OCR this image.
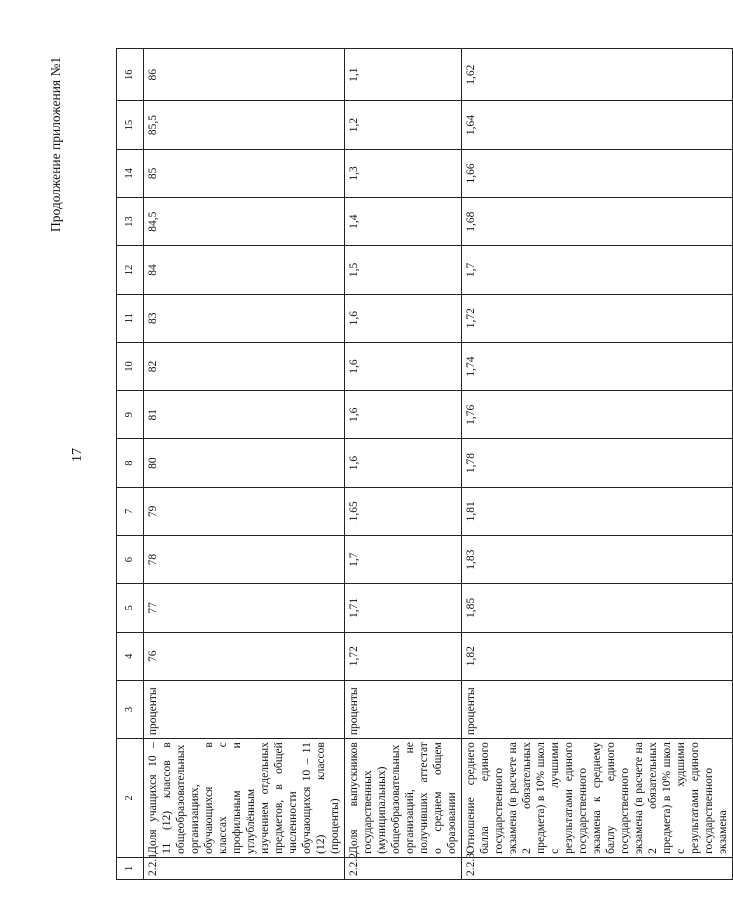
Продолжение приложения №1
17
1	2	3	4	5	6	7	8	9	10	11	12	13	14	15	16
2.2.1.	Доля учащихся 10 – 11 (12) классов в общеобразовательных организациях, обучающихся в классах с профильным и углублённым изучением отдельных предметов, в общей численности обучающихся 10 – 11 (12) классов (проценты)	проценты	76	77	78	79	80	81	82	83	84	84,5	85	85,5	86
2.2.2.	Доля выпускников государственных (муниципальных) общеобразовательных организаций, не получивших аттестат о среднем общем образовании	проценты	1,72	1,71	1,7	1,65	1,6	1,6	1,6	1,6	1,5	1,4	1,3	1,2	1,1
2.2.3.	Отношение среднего балла единого государственного экзамена (в расчете на 2 обязательных предмета) в 10% школ с лучшими результатами единого государственного экзамена к среднему баллу единого государственного экзамена (в расчете на 2 обязательных предмета) в 10% школ с худшими результатами единого государственного экзамена	проценты	1,82	1,85	1,83	1,81	1,78	1,76	1,74	1,72	1,7	1,68	1,66	1,64	1,62
